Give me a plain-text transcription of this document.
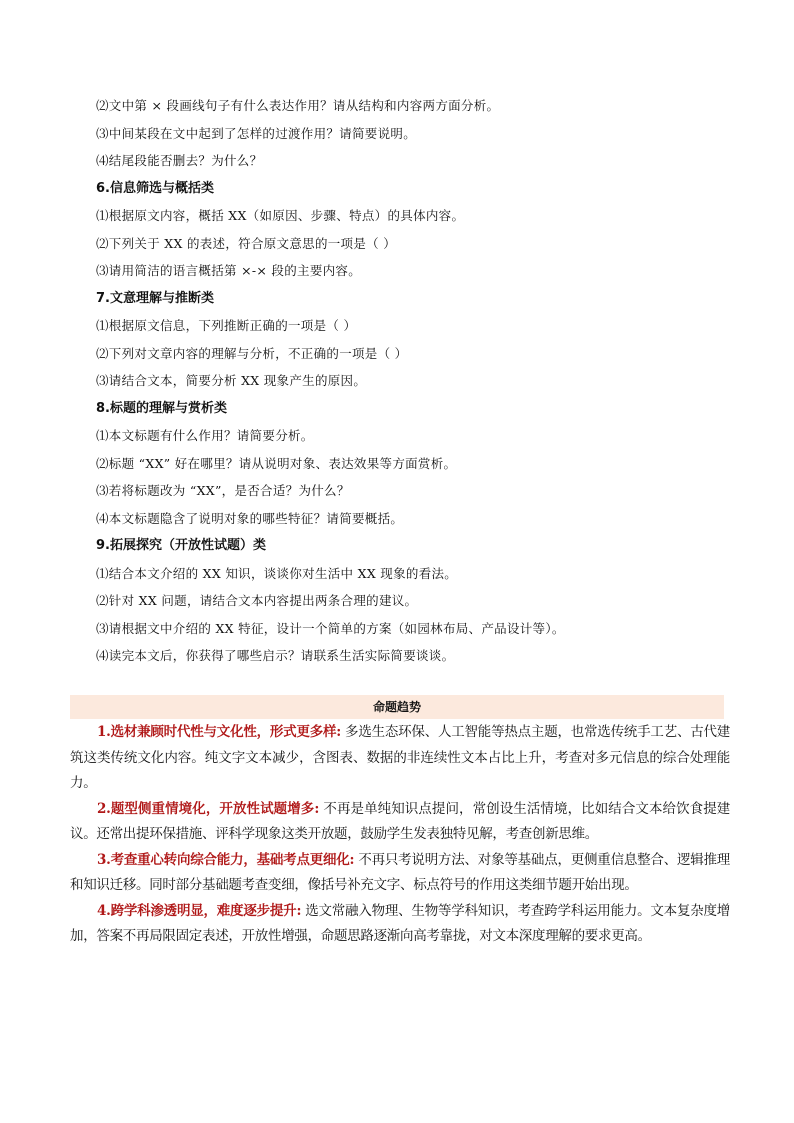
⑵文中第 × 段画线句子有什么表达作用？请从结构和内容两方面分析。
⑶中间某段在文中起到了怎样的过渡作用？请简要说明。
⑷结尾段能否删去？为什么？
6.信息筛选与概括类
⑴根据原文内容，概括 XX（如原因、步骤、特点）的具体内容。
⑵下列关于 XX 的表述，符合原文意思的一项是（ ）
⑶请用简洁的语言概括第 ×-× 段的主要内容。
7.文意理解与推断类
⑴根据原文信息，下列推断正确的一项是（ ）
⑵下列对文章内容的理解与分析，不正确的一项是（ ）
⑶请结合文本，简要分析 XX 现象产生的原因。
8.标题的理解与赏析类
⑴本文标题有什么作用？请简要分析。
⑵标题 “XX” 好在哪里？请从说明对象、表达效果等方面赏析。
⑶若将标题改为 “XX”，是否合适？为什么？
⑷本文标题隐含了说明对象的哪些特征？请简要概括。
9.拓展探究（开放性试题）类
⑴结合本文介绍的 XX 知识，谈谈你对生活中 XX 现象的看法。
⑵针对 XX 问题，请结合文本内容提出两条合理的建议。
⑶请根据文中介绍的 XX 特征，设计一个简单的方案（如园林布局、产品设计等）。
⑷读完本文后，你获得了哪些启示？请联系生活实际简要谈谈。
命题趋势

1.选材兼顾时代性与文化性，形式更多样: 多选生态环保、人工智能等热点主题，也常选传统手工艺、古代建筑这类传统文化内容。纯文字文本减少，含图表、数据的非连续性文本占比上升，考查对多元信息的综合处理能力。

2.题型侧重情境化，开放性试题增多: 不再是单纯知识点提问，常创设生活情境，比如结合文本给饮食提建议。还常出提环保措施、评科学现象这类开放题，鼓励学生发表独特见解，考查创新思维。

3.考查重心转向综合能力，基础考点更细化: 不再只考说明方法、对象等基础点，更侧重信息整合、逻辑推理和知识迁移。同时部分基础题考查变细，像括号补充文字、标点符号的作用这类细节题开始出现。

4.跨学科渗透明显，难度逐步提升: 选文常融入物理、生物等学科知识，考查跨学科运用能力。文本复杂度增加，答案不再局限固定表述，开放性增强，命题思路逐渐向高考靠拢，对文本深度理解的要求更高。
